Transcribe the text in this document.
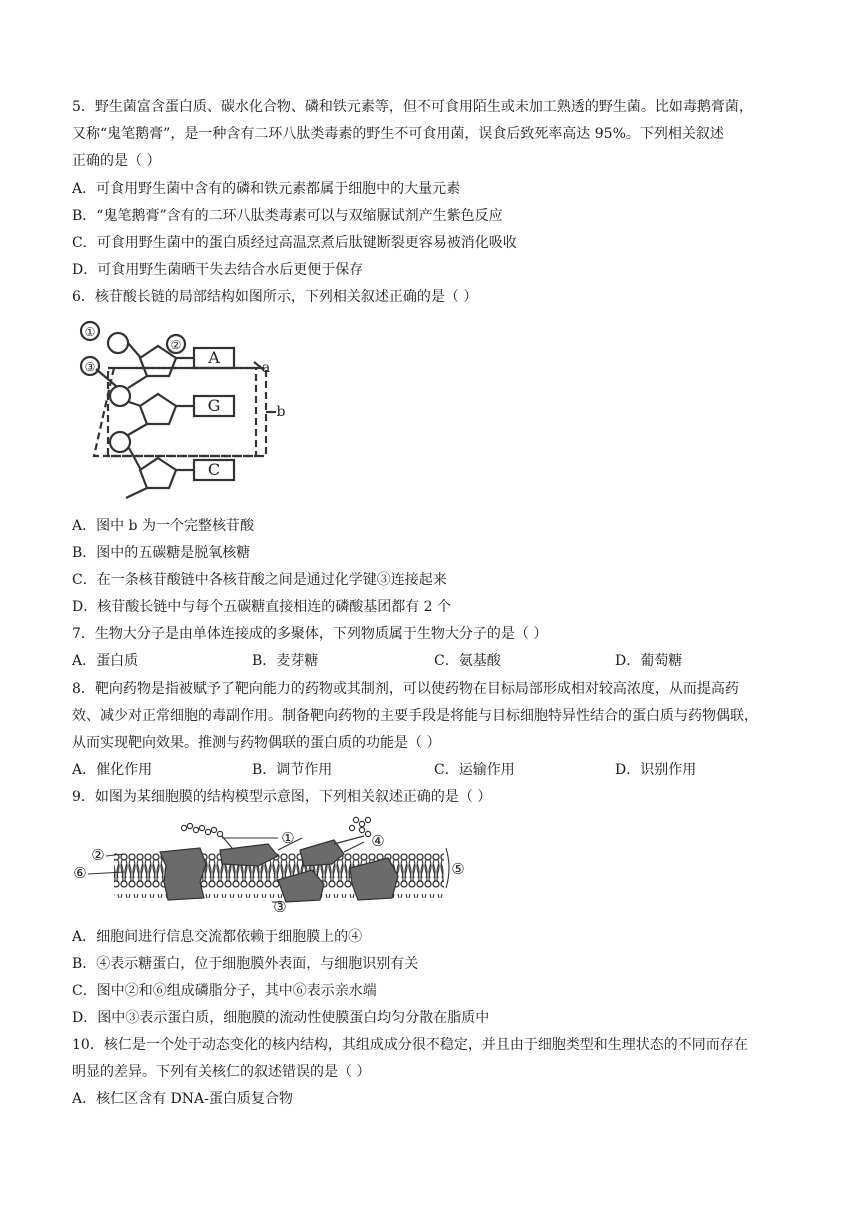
5．野生菌富含蛋白质、碳水化合物、磷和铁元素等，但不可食用陌生或未加工熟透的野生菌。比如毒鹅膏菌，
又称“鬼笔鹅膏”，是一种含有二环八肽类毒素的野生不可食用菌，误食后致死率高达 95%。下列相关叙述
正确的是（ ）
A．可食用野生菌中含有的磷和铁元素都属于细胞中的大量元素
B．“鬼笔鹅膏”含有的二环八肽类毒素可以与双缩脲试剂产生紫色反应
C．可食用野生菌中的蛋白质经过高温烹煮后肽键断裂更容易被消化吸收
D．可食用野生菌晒干失去结合水后更便于保存
6．核苷酸长链的局部结构如图所示，下列相关叙述正确的是（ ）
①
②
③	A
G
C
a
b
A．图中 b 为一个完整核苷酸
B．图中的五碳糖是脱氧核糖
C．在一条核苷酸链中各核苷酸之间是通过化学键③连接起来
D．核苷酸长链中与每个五碳糖直接相连的磷酸基团都有 2 个
7．生物大分子是由单体连接成的多聚体，下列物质属于生物大分子的是（ ）
A．蛋白质	B．麦芽糖	C．氨基酸	D．葡萄糖
8．靶向药物是指被赋予了靶向能力的药物或其制剂，可以使药物在目标局部形成相对较高浓度，从而提高药
效、减少对正常细胞的毒副作用。制备靶向药物的主要手段是将能与目标细胞特异性结合的蛋白质与药物偶联，
从而实现靶向效果。推测与药物偶联的蛋白质的功能是（ ）
A．催化作用	B．调节作用	C．运输作用	D．识别作用
9．如图为某细胞膜的结构模型示意图，下列相关叙述正确的是（ ）
①
②
③
④
⑤
⑥
A．细胞间进行信息交流都依赖于细胞膜上的④
B．④表示糖蛋白，位于细胞膜外表面，与细胞识别有关
C．图中②和⑥组成磷脂分子，其中⑥表示亲水端
D．图中③表示蛋白质，细胞膜的流动性使膜蛋白均匀分散在脂质中
10．核仁是一个处于动态变化的核内结构，其组成成分很不稳定，并且由于细胞类型和生理状态的不同而存在
明显的差异。下列有关核仁的叙述错误的是（ ）
A．核仁区含有 DNA-蛋白质复合物
